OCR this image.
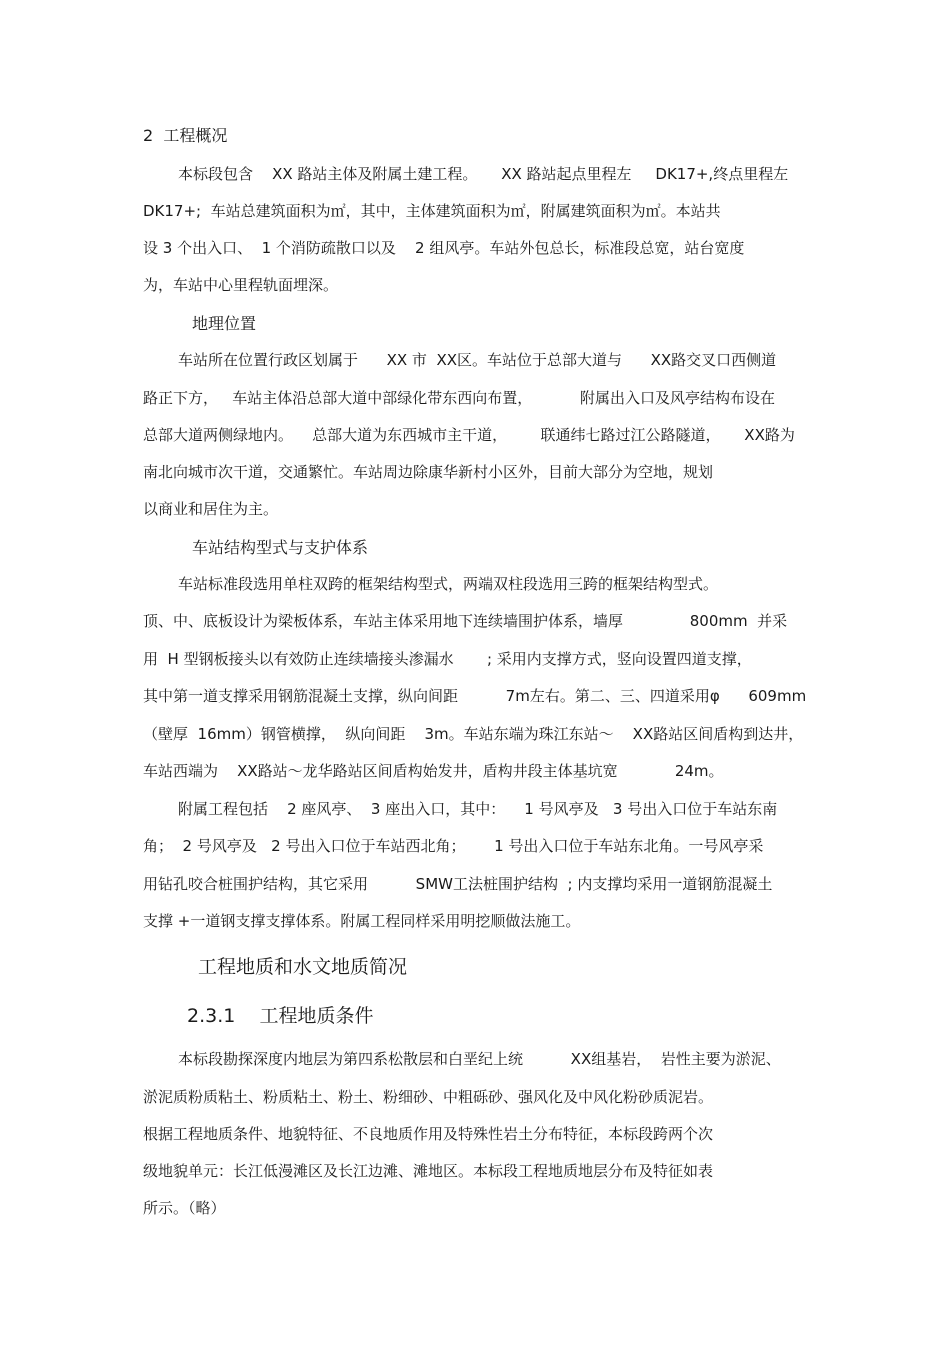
2  工程概况
本标段包含    XX 路站主体及附属土建工程。     XX 路站起点里程左     DK17+,终点里程左
DK17+;  车站总建筑面积为㎡，其中，主体建筑面积为㎡，附属建筑面积为㎡。本站共
设 3 个出入口、  1 个消防疏散口以及    2 组风亭。车站外包总长，标准段总宽，站台宽度
为，车站中心里程轨面埋深。
地理位置
车站所在位置行政区划属于      XX 市  XX区。车站位于总部大道与      XX路交叉口西侧道
路正下方，   车站主体沿总部大道中部绿化带东西向布置，          附属出入口及风亭结构布设在
总部大道两侧绿地内。    总部大道为东西城市主干道，       联通纬七路过江公路隧道，     XX路为
南北向城市次干道，交通繁忙。车站周边除康华新村小区外，目前大部分为空地，规划
以商业和居住为主。
车站结构型式与支护体系
车站标准段选用单柱双跨的框架结构型式，两端双柱段选用三跨的框架结构型式。
顶、中、底板设计为梁板体系，车站主体采用地下连续墙围护体系，墙厚              800mm  并采
用  H 型钢板接头以有效防止连续墙接头渗漏水       ; 采用内支撑方式，竖向设置四道支撑，
其中第一道支撑采用钢筋混凝土支撑，纵向间距          7m左右。第二、三、四道采用φ      609mm
（壁厚  16mm）钢管横撑，  纵向间距    3m。车站东端为珠江东站～    XX路站区间盾构到达井，
车站西端为    XX路站～龙华路站区间盾构始发井，盾构井段主体基坑宽            24m。
附属工程包括    2 座风亭、  3 座出入口，其中：    1 号风亭及   3 号出入口位于车站东南
角；  2 号风亭及   2 号出入口位于车站西北角；      1 号出入口位于车站东北角。一号风亭采
用钻孔咬合桩围护结构，其它采用          SMW工法桩围护结构  ; 内支撑均采用一道钢筋混凝土
支撑 +一道钢支撑支撑体系。附属工程同样采用明挖顺做法施工。
工程地质和水文地质简况
2.3.1    工程地质条件
本标段勘探深度内地层为第四系松散层和白垩纪上统          XX组基岩，  岩性主要为淤泥、
淤泥质粉质粘土、粉质粘土、粉土、粉细砂、中粗砾砂、强风化及中风化粉砂质泥岩。
根据工程地质条件、地貌特征、不良地质作用及特殊性岩土分布特征，本标段跨两个次
级地貌单元：长江低漫滩区及长江边滩、滩地区。本标段工程地质地层分布及特征如表
所示。（略）
